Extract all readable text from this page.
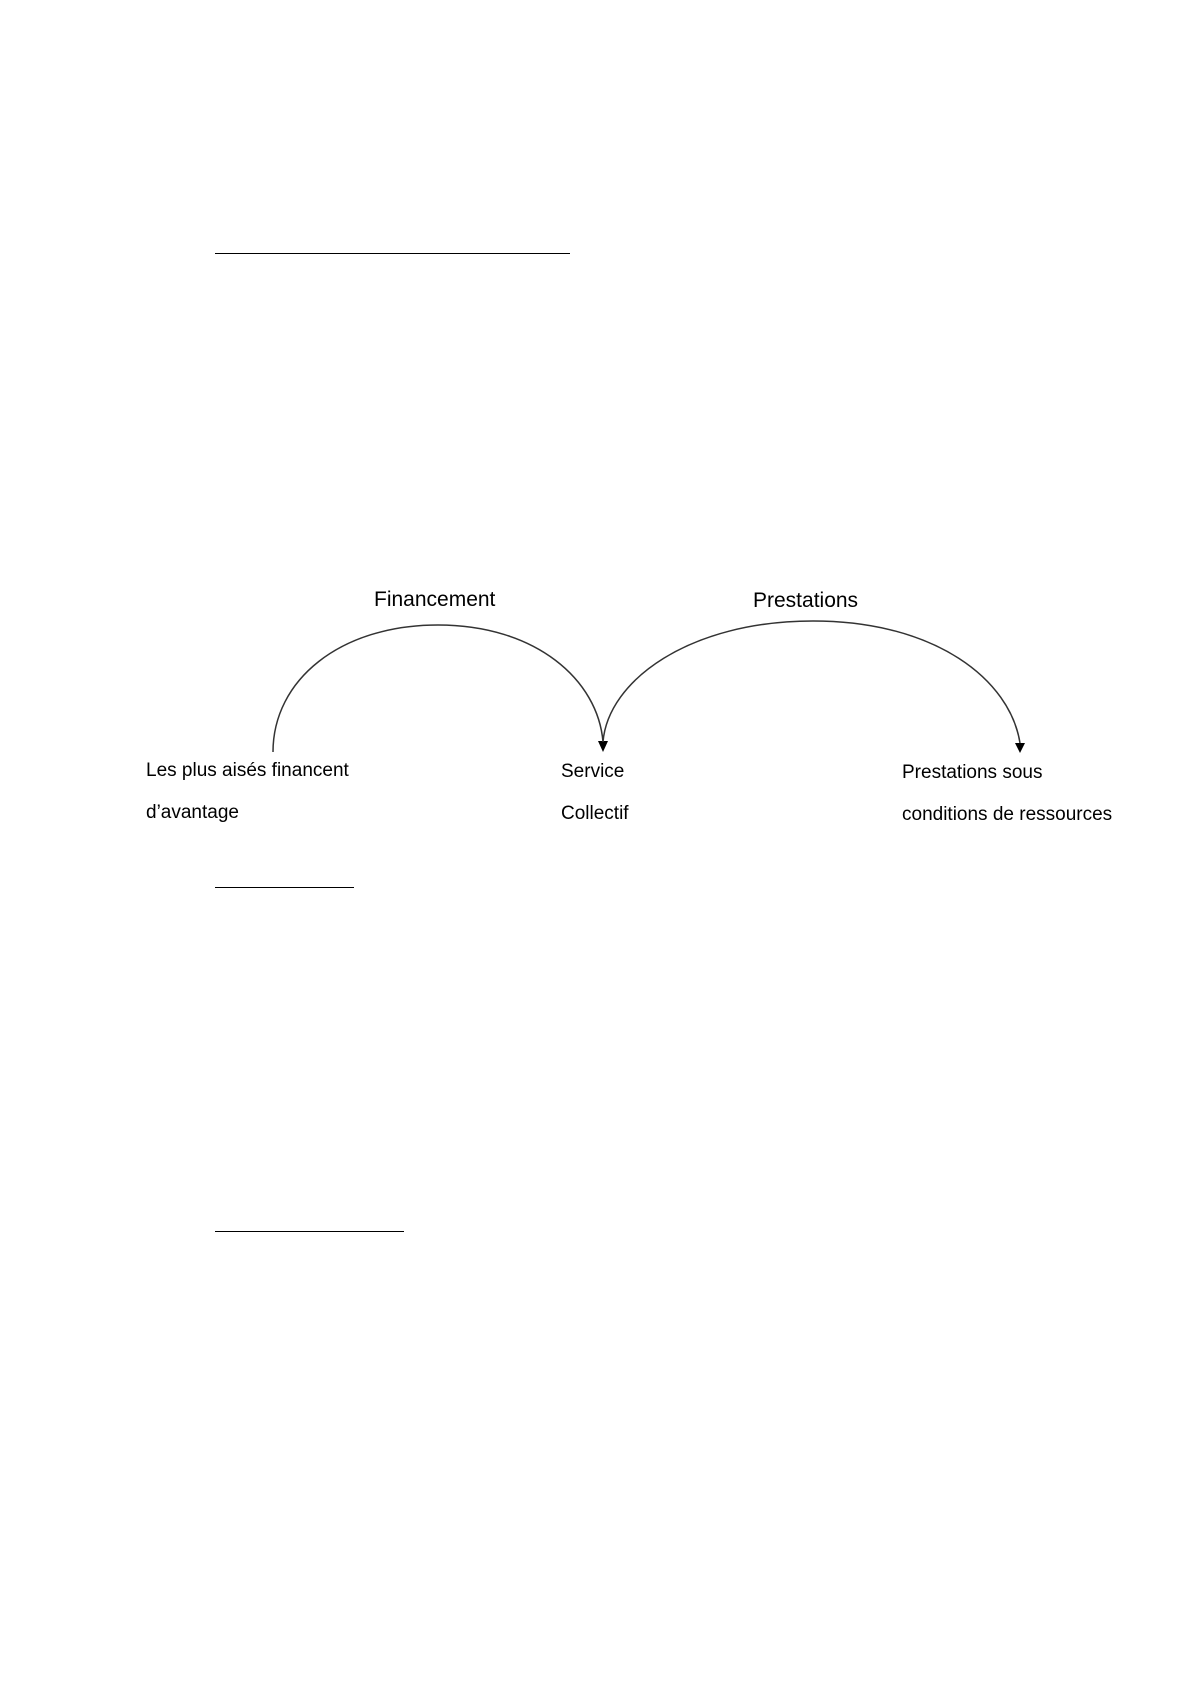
Financement	Prestations
Les plus aisés financent
d’avantage
Service
Collectif
Prestations sous
conditions de ressources
